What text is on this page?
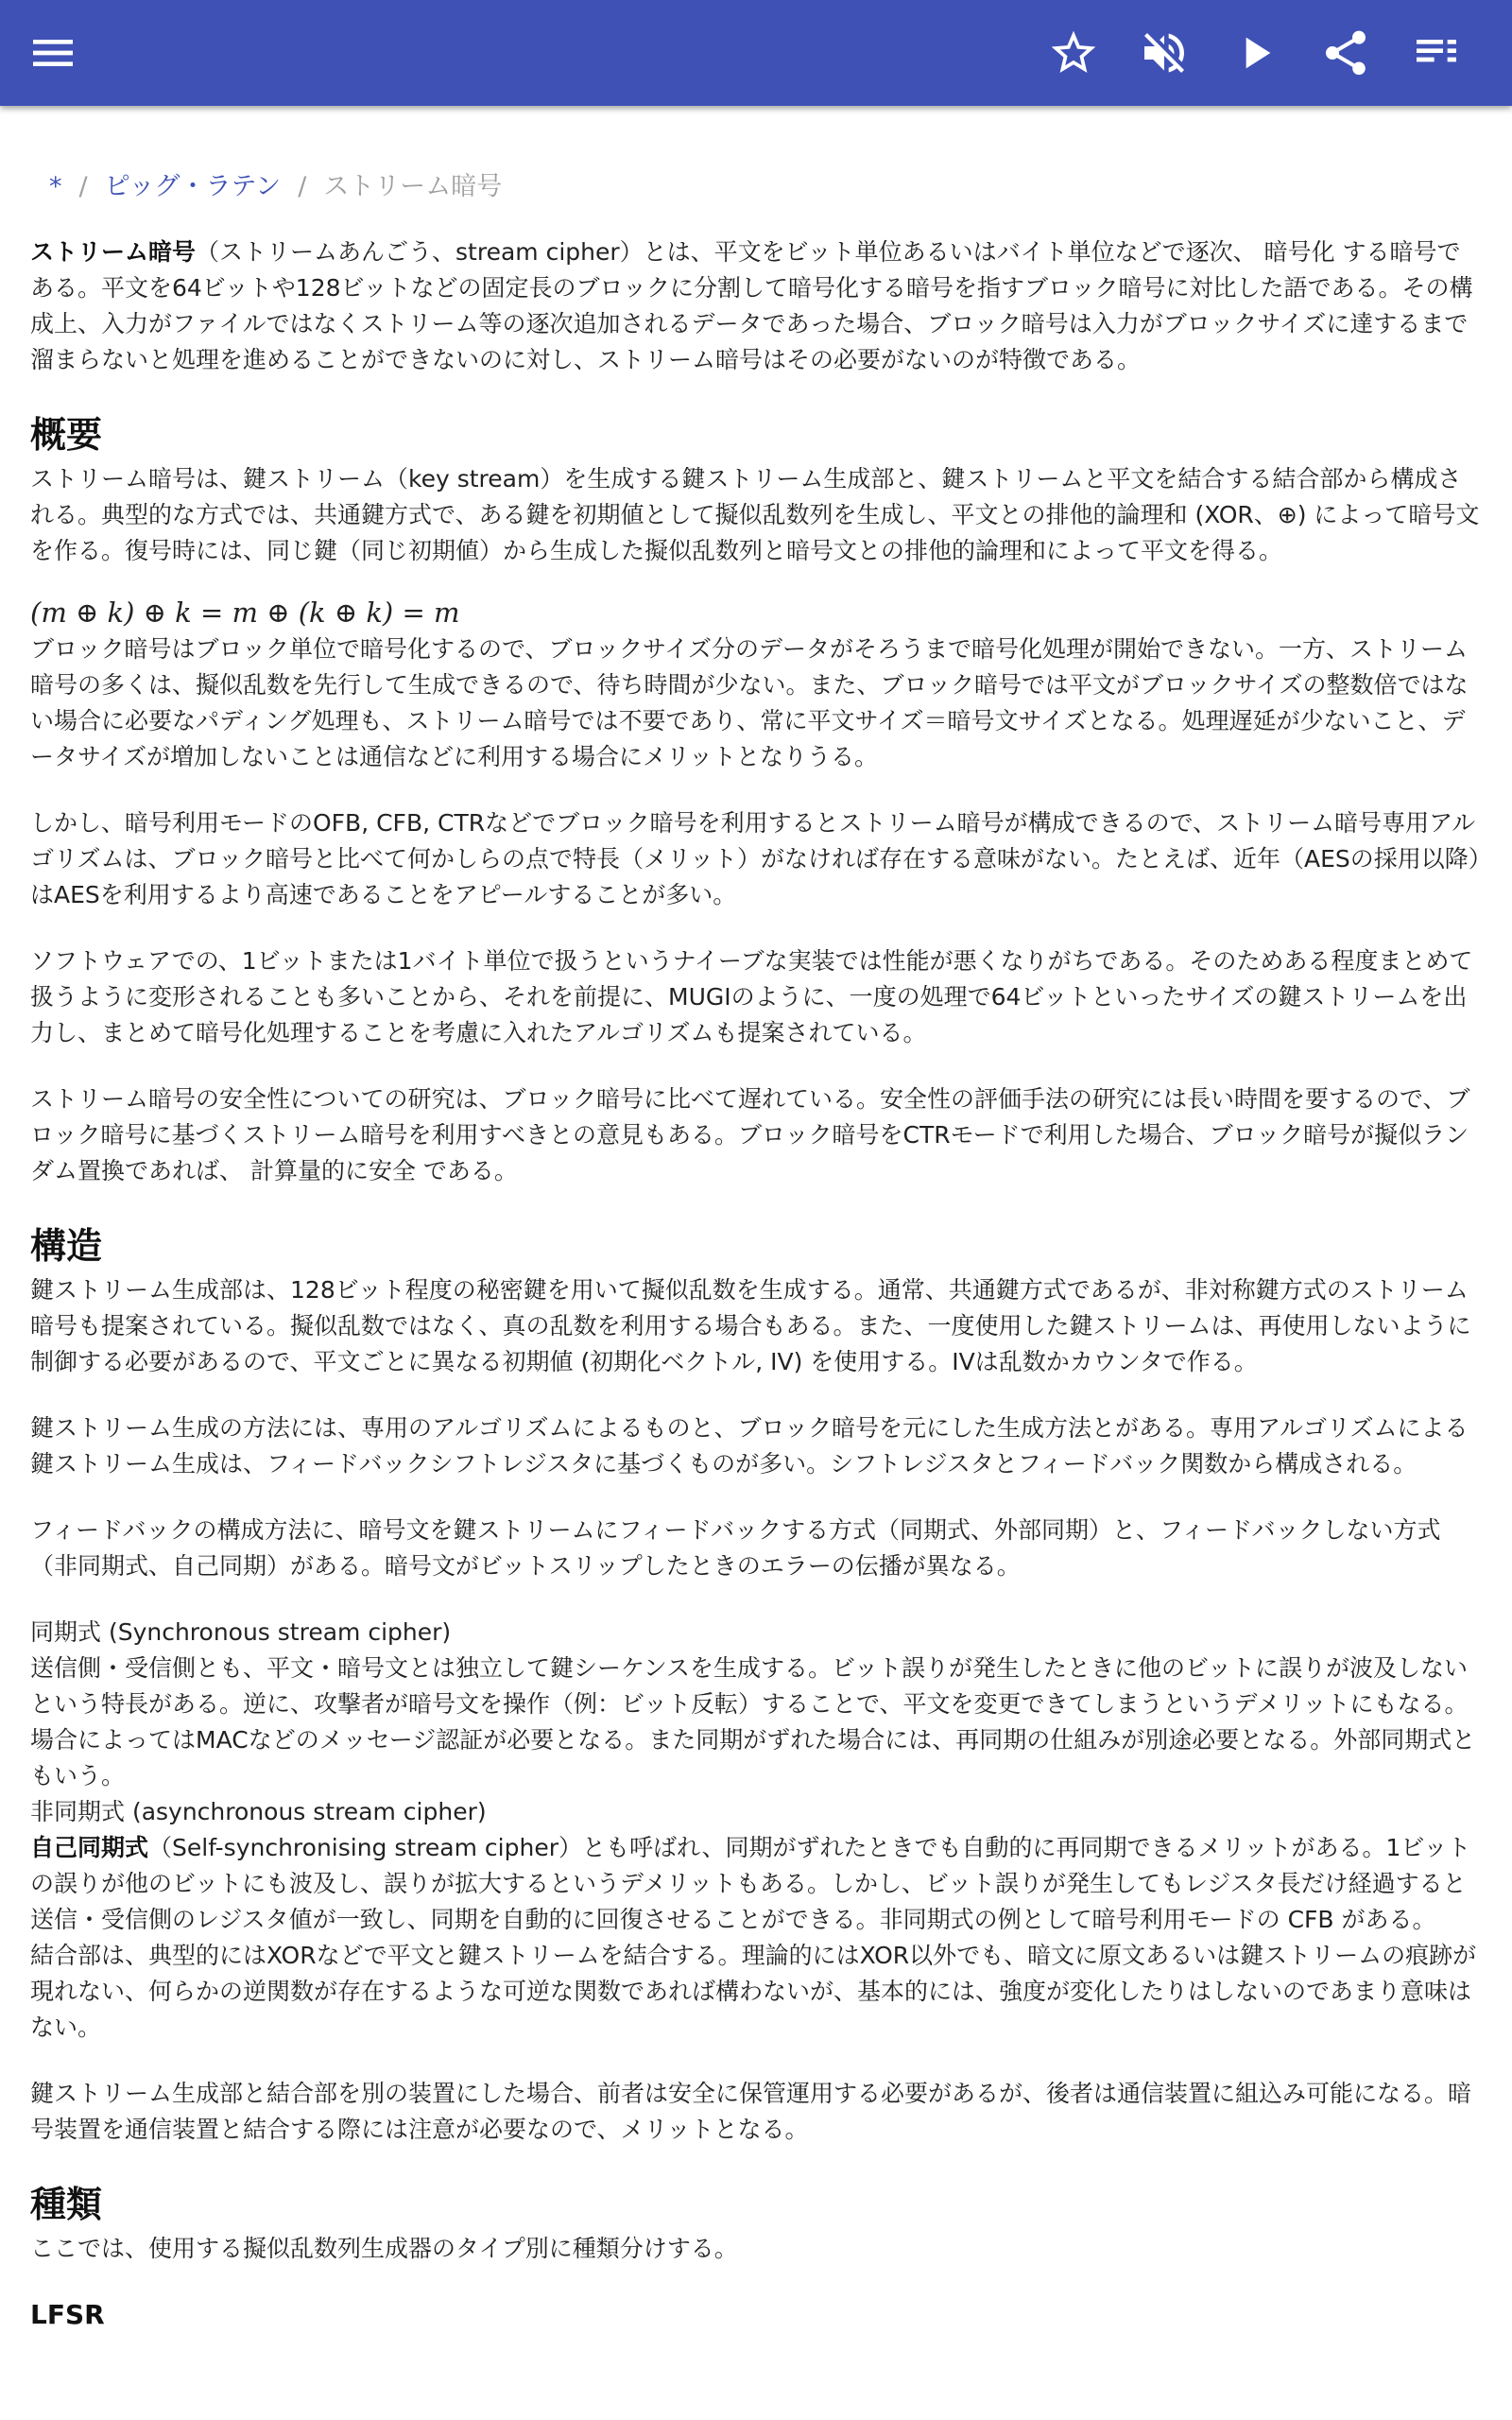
* / ピッグ・ラテン / ストリーム暗号

ストリーム暗号（ストリームあんごう、stream cipher）とは、平文をビット単位あるいはバイト単位などで逐次、 暗号化 する暗号である。平文を64ビットや128ビットなどの固定長のブロックに分割して暗号化する暗号を指すブロック暗号に対比した語である。その構成上、入力がファイルではなくストリーム等の逐次追加されるデータであった場合、ブロック暗号は入力がブロックサイズに達するまで溜まらないと処理を進めることができないのに対し、ストリーム暗号はその必要がないのが特徴である。

概要

ストリーム暗号は、鍵ストリーム（key stream）を生成する鍵ストリーム生成部と、鍵ストリームと平文を結合する結合部から構成される。典型的な方式では、共通鍵方式で、ある鍵を初期値として擬似乱数列を生成し、平文との排他的論理和 (XOR、⊕) によって暗号文を作る。復号時には、同じ鍵（同じ初期値）から生成した擬似乱数列と暗号文との排他的論理和によって平文を得る。

(m ⊕ k) ⊕ k = m ⊕ (k ⊕ k) = m

ブロック暗号はブロック単位で暗号化するので、ブロックサイズ分のデータがそろうまで暗号化処理が開始できない。一方、ストリーム暗号の多くは、擬似乱数を先行して生成できるので、待ち時間が少ない。また、ブロック暗号では平文がブロックサイズの整数倍ではない場合に必要なパディング処理も、ストリーム暗号では不要であり、常に平文サイズ＝暗号文サイズとなる。処理遅延が少ないこと、データサイズが増加しないことは通信などに利用する場合にメリットとなりうる。

しかし、暗号利用モードのOFB, CFB, CTRなどでブロック暗号を利用するとストリーム暗号が構成できるので、ストリーム暗号専用アルゴリズムは、ブロック暗号と比べて何かしらの点で特長（メリット）がなければ存在する意味がない。たとえば、近年（AESの採用以降）はAESを利用するより高速であることをアピールすることが多い。

ソフトウェアでの、1ビットまたは1バイト単位で扱うというナイーブな実装では性能が悪くなりがちである。そのためある程度まとめて扱うように変形されることも多いことから、それを前提に、MUGIのように、一度の処理で64ビットといったサイズの鍵ストリームを出力し、まとめて暗号化処理することを考慮に入れたアルゴリズムも提案されている。

ストリーム暗号の安全性についての研究は、ブロック暗号に比べて遅れている。安全性の評価手法の研究には長い時間を要するので、ブロック暗号に基づくストリーム暗号を利用すべきとの意見もある。ブロック暗号をCTRモードで利用した場合、ブロック暗号が擬似ランダム置換であれば、 計算量的に安全 である。

構造

鍵ストリーム生成部は、128ビット程度の秘密鍵を用いて擬似乱数を生成する。通常、共通鍵方式であるが、非対称鍵方式のストリーム暗号も提案されている。擬似乱数ではなく、真の乱数を利用する場合もある。また、一度使用した鍵ストリームは、再使用しないように制御する必要があるので、平文ごとに異なる初期値 (初期化ベクトル, IV) を使用する。IVは乱数かカウンタで作る。

鍵ストリーム生成の方法には、専用のアルゴリズムによるものと、ブロック暗号を元にした生成方法とがある。専用アルゴリズムによる鍵ストリーム生成は、フィードバックシフトレジスタに基づくものが多い。シフトレジスタとフィードバック関数から構成される。

フィードバックの構成方法に、暗号文を鍵ストリームにフィードバックする方式（同期式、外部同期）と、フィードバックしない方式（非同期式、自己同期）がある。暗号文がビットスリップしたときのエラーの伝播が異なる。

同期式 (Synchronous stream cipher)

送信側・受信側とも、平文・暗号文とは独立して鍵シーケンスを生成する。ビット誤りが発生したときに他のビットに誤りが波及しないという特長がある。逆に、攻撃者が暗号文を操作（例：ビット反転）することで、平文を変更できてしまうというデメリットにもなる。場合によってはMACなどのメッセージ認証が必要となる。また同期がずれた場合には、再同期の仕組みが別途必要となる。外部同期式ともいう。

非同期式 (asynchronous stream cipher)

自己同期式（Self-synchronising stream cipher）とも呼ばれ、同期がずれたときでも自動的に再同期できるメリットがある。1ビットの誤りが他のビットにも波及し、誤りが拡大するというデメリットもある。しかし、ビット誤りが発生してもレジスタ長だけ経過すると送信・受信側のレジスタ値が一致し、同期を自動的に回復させることができる。非同期式の例として暗号利用モードの CFB がある。

結合部は、典型的にはXORなどで平文と鍵ストリームを結合する。理論的にはXOR以外でも、暗文に原文あるいは鍵ストリームの痕跡が現れない、何らかの逆関数が存在するような可逆な関数であれば構わないが、基本的には、強度が変化したりはしないのであまり意味はない。

鍵ストリーム生成部と結合部を別の装置にした場合、前者は安全に保管運用する必要があるが、後者は通信装置に組込み可能になる。暗号装置を通信装置と結合する際には注意が必要なので、メリットとなる。

種類

ここでは、使用する擬似乱数列生成器のタイプ別に種類分けする。

LFSR
